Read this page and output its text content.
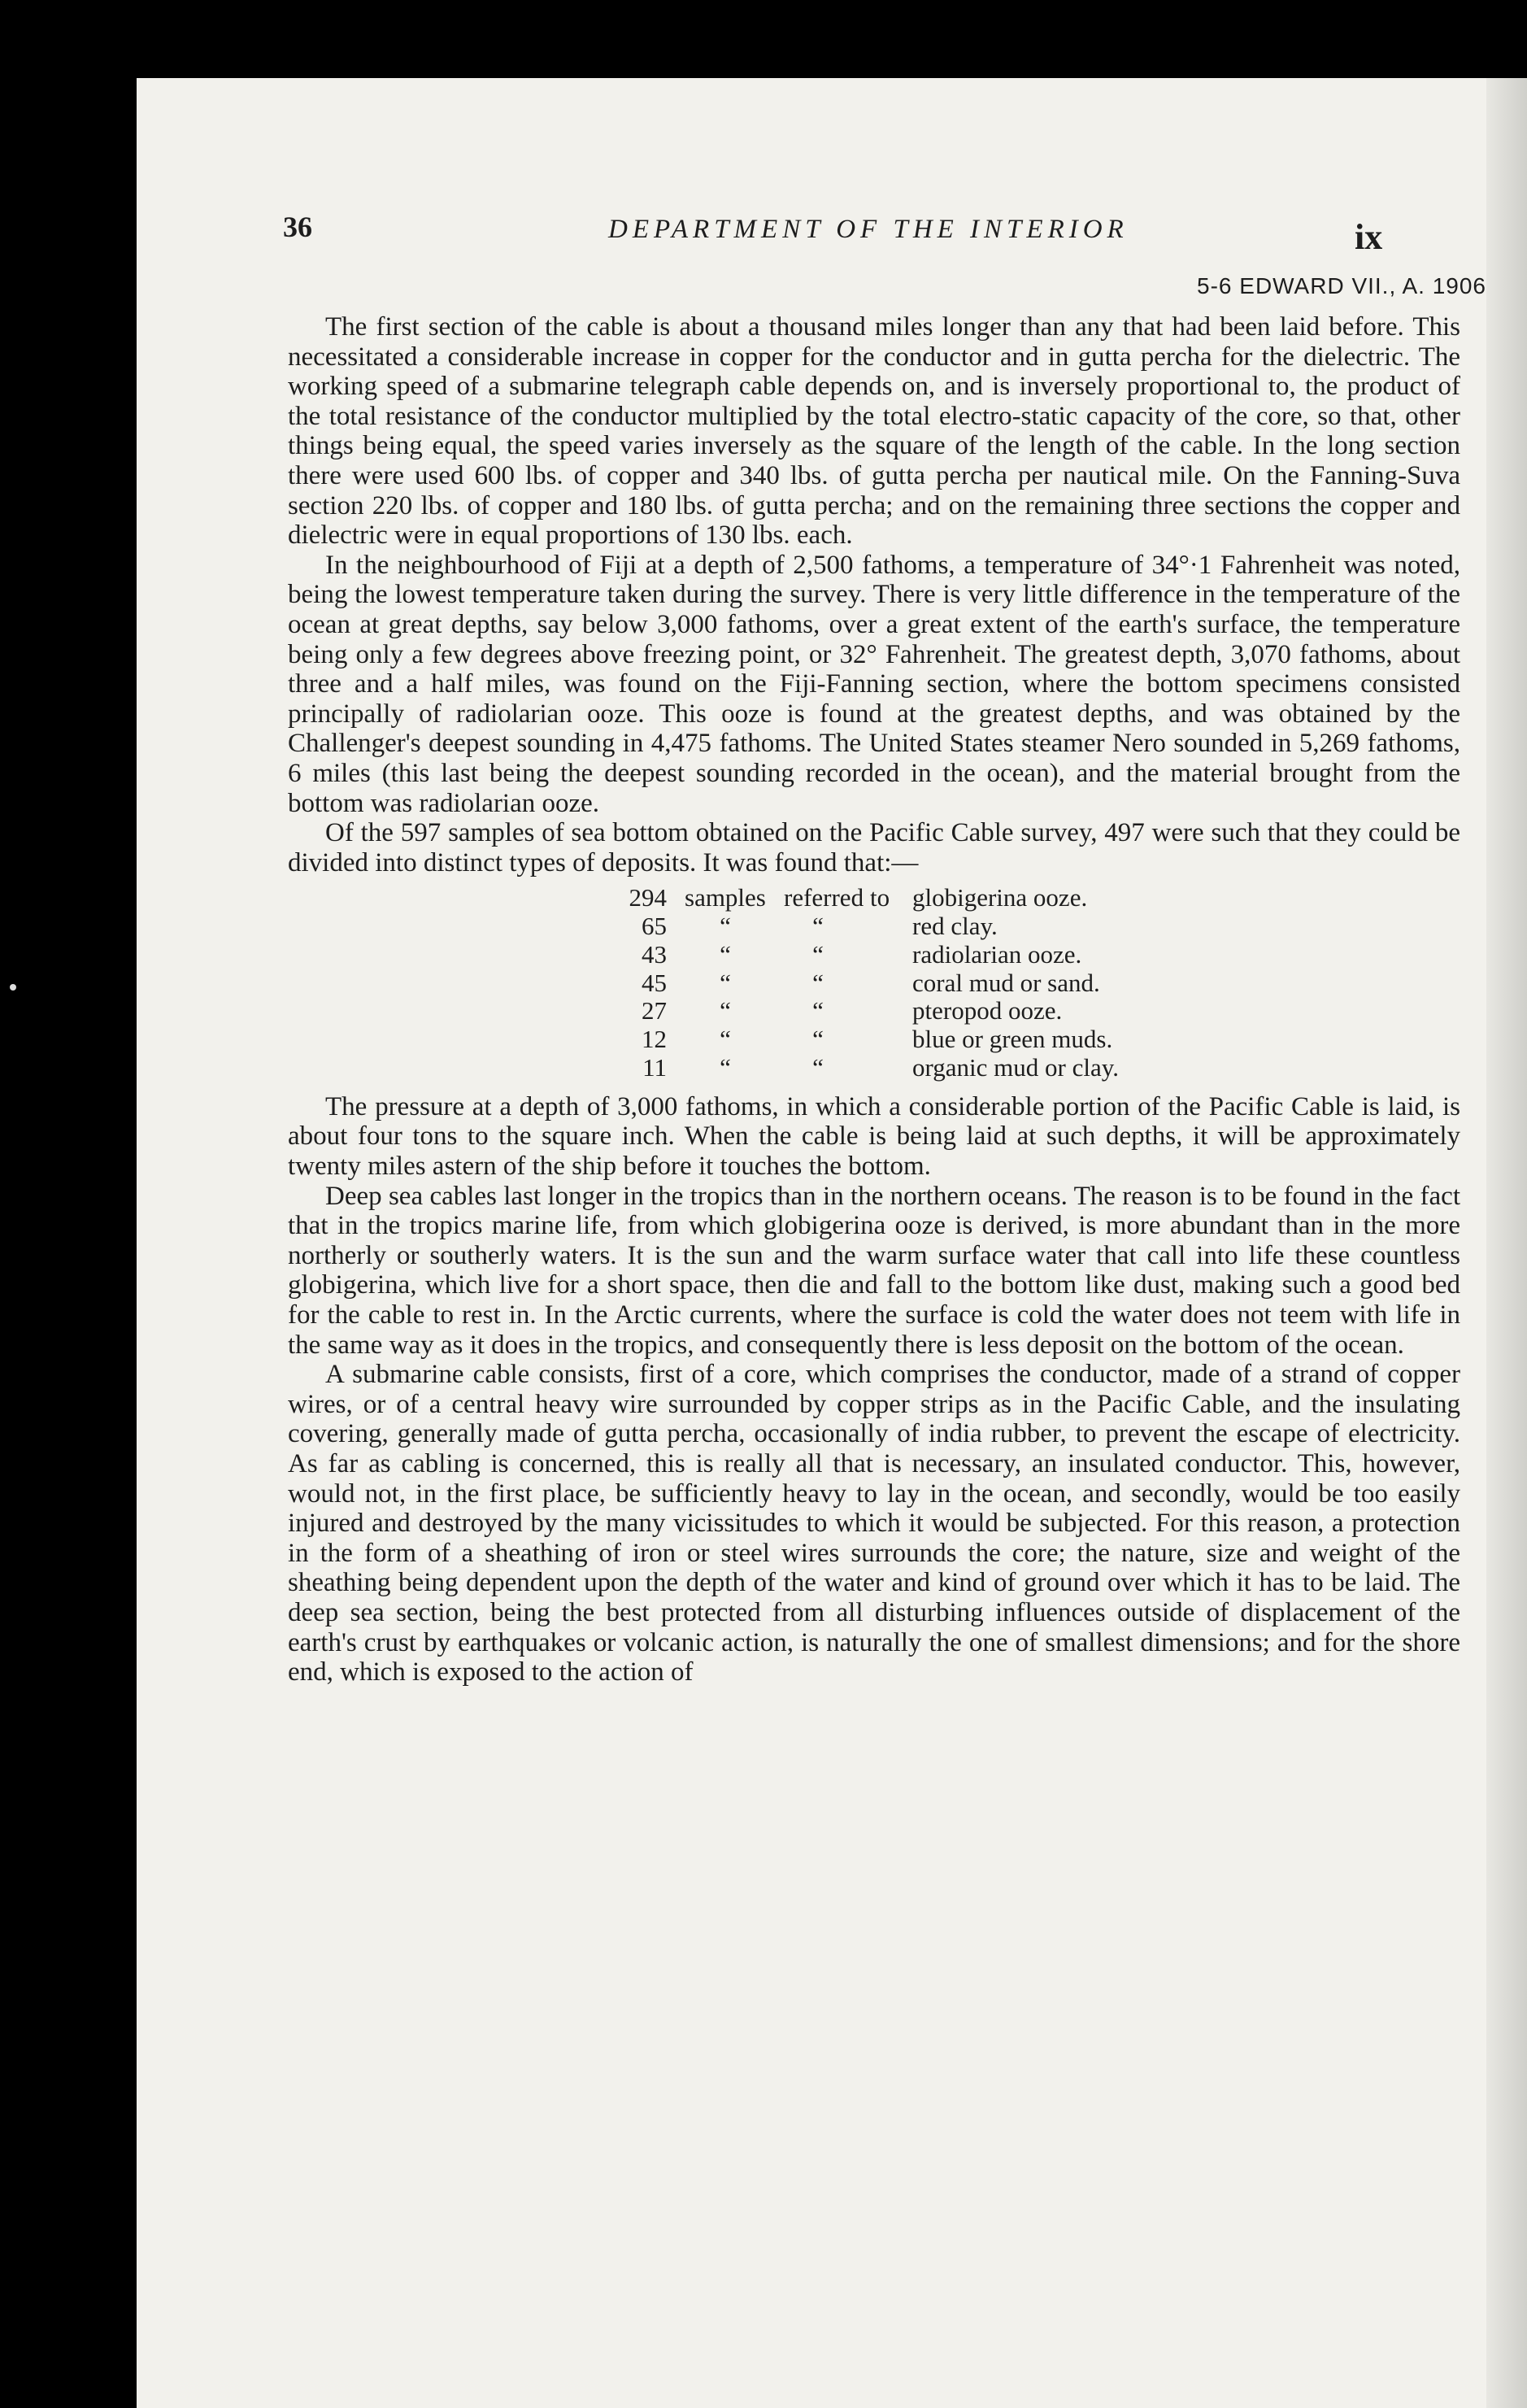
36	DEPARTMENT OF THE INTERIOR	ix
5-6 EDWARD VII., A. 1906

The first section of the cable is about a thousand miles longer than any that had been laid before. This necessitated a considerable increase in copper for the conductor and in gutta percha for the dielectric. The working speed of a submarine telegraph cable depends on, and is inversely proportional to, the product of the total resistance of the conductor multiplied by the total electro-static capacity of the core, so that, other things being equal, the speed varies inversely as the square of the length of the cable. In the long section there were used 600 lbs. of copper and 340 lbs. of gutta percha per nautical mile. On the Fanning-Suva section 220 lbs. of copper and 180 lbs. of gutta percha; and on the remaining three sections the copper and dielectric were in equal proportions of 130 lbs. each.

In the neighbourhood of Fiji at a depth of 2,500 fathoms, a temperature of 34°·1 Fahrenheit was noted, being the lowest temperature taken during the survey. There is very little difference in the temperature of the ocean at great depths, say below 3,000 fathoms, over a great extent of the earth's surface, the temperature being only a few degrees above freezing point, or 32° Fahrenheit. The greatest depth, 3,070 fathoms, about three and a half miles, was found on the Fiji-Fanning section, where the bottom specimens consisted principally of radiolarian ooze. This ooze is found at the greatest depths, and was obtained by the Challenger's deepest sounding in 4,475 fathoms. The United States steamer Nero sounded in 5,269 fathoms, 6 miles (this last being the deepest sounding recorded in the ocean), and the material brought from the bottom was radiolarian ooze.

Of the 597 samples of sea bottom obtained on the Pacific Cable survey, 497 were such that they could be divided into distinct types of deposits. It was found that:—

294 samples referred to globigerina ooze.
65	“	“	red clay.
43	“	“	radiolarian ooze.
45	“	“	coral mud or sand.
27	“	“	pteropod ooze.
12	“	“	blue or green muds.
11	“	“	organic mud or clay.

The pressure at a depth of 3,000 fathoms, in which a considerable portion of the Pacific Cable is laid, is about four tons to the square inch. When the cable is being laid at such depths, it will be approximately twenty miles astern of the ship before it touches the bottom.

Deep sea cables last longer in the tropics than in the northern oceans. The reason is to be found in the fact that in the tropics marine life, from which globigerina ooze is derived, is more abundant than in the more northerly or southerly waters. It is the sun and the warm surface water that call into life these countless globigerina, which live for a short space, then die and fall to the bottom like dust, making such a good bed for the cable to rest in. In the Arctic currents, where the surface is cold the water does not teem with life in the same way as it does in the tropics, and consequently there is less deposit on the bottom of the ocean.

A submarine cable consists, first of a core, which comprises the conductor, made of a strand of copper wires, or of a central heavy wire surrounded by copper strips as in the Pacific Cable, and the insulating covering, generally made of gutta percha, occasionally of india rubber, to prevent the escape of electricity. As far as cabling is concerned, this is really all that is necessary, an insulated conductor. This, however, would not, in the first place, be sufficiently heavy to lay in the ocean, and secondly, would be too easily injured and destroyed by the many vicissitudes to which it would be subjected. For this reason, a protection in the form of a sheathing of iron or steel wires surrounds the core; the nature, size and weight of the sheathing being dependent upon the depth of the water and kind of ground over which it has to be laid. The deep sea section, being the best protected from all disturbing influences outside of displacement of the earth's crust by earthquakes or volcanic action, is naturally the one of smallest dimensions; and for the shore end, which is exposed to the action of
